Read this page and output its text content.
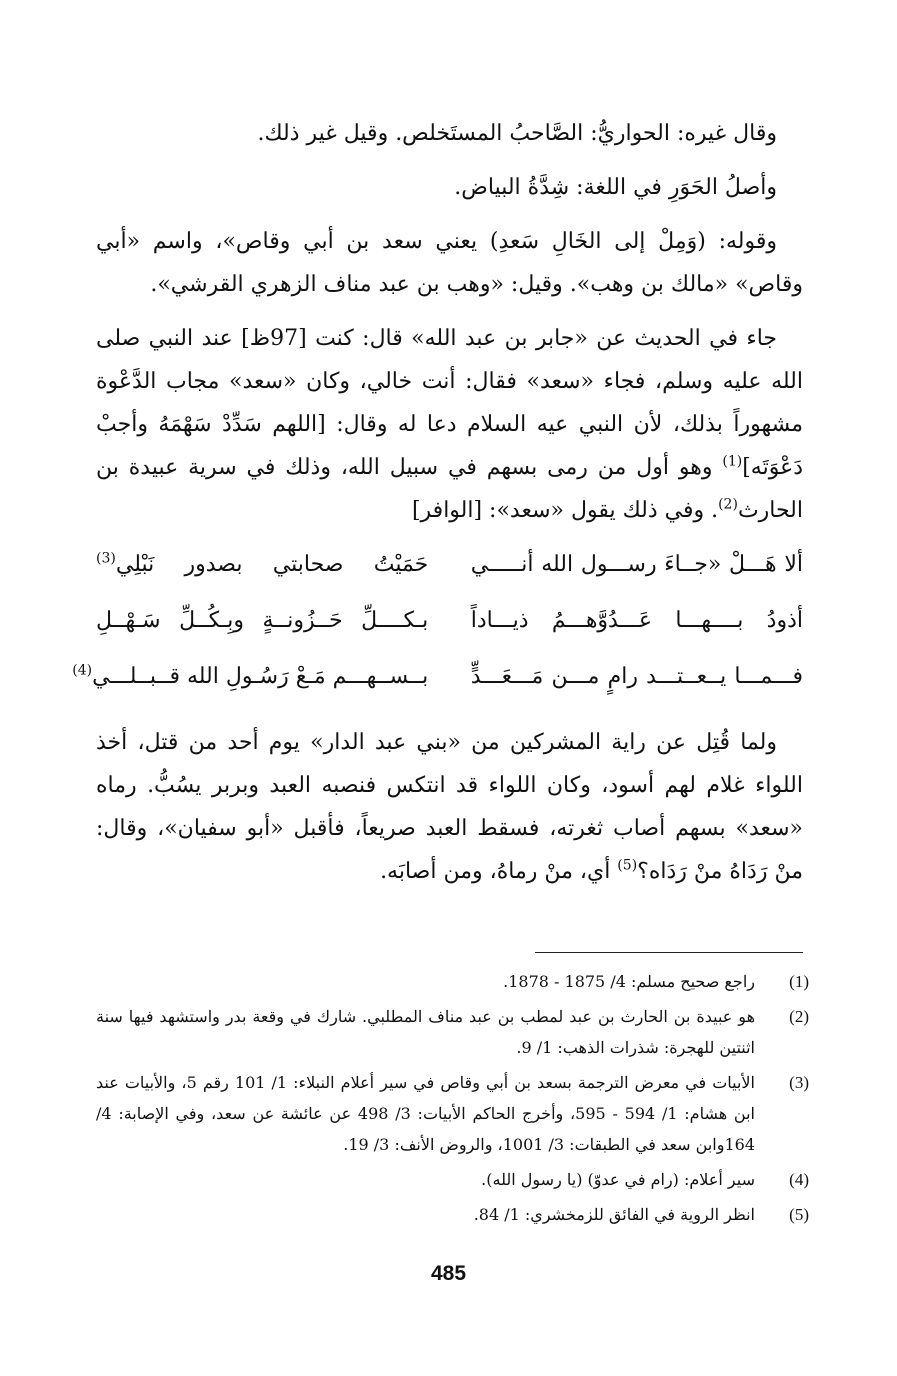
وقال غيره: الحواريُّ: الصَّاحبُ المستَخلص. وقيل غير ذلك.

وأصلُ الحَوَرِ في اللغة: شِدَّةُ البياض.

وقوله: (وَمِلْ إلى الخَالِ سَعدِ) يعني سعد بن أبي وقاص»، واسم «أبي وقاص» «مالك بن وهب». وقيل: «وهب بن عبد مناف الزهري القرشي».

جاء في الحديث عن «جابر بن عبد الله» قال: كنت [97ظ] عند النبي صلى الله عليه وسلم، فجاء «سعد» فقال: أنت خالي، وكان «سعد» مجاب الدَّعْوة مشهوراً بذلك، لأن النبي عيه السلام دعا له وقال: [اللهم سَدِّدْ سَهْمَهُ وأجبْ دَعْوَتَه]$^{(1)}$ وهو أول من رمى بسهم في سبيل الله، وذلك في سرية عبيدة بن الحارث$^{(2)}$. وفي ذلك يقول «سعد»: [الوافر]

ألا هَـــلْ «جــاءَ رســـول الله أنـــــي
حَمَيْتُ صحابتي بصدور نَبْلِي$^{(3)}$
أذودُ بــــهـــا عَـــدُوَّهـــمُ ذيـــاداً
بـكــــلِّ حَــزُونــةٍ وبِـكُــلِّ سَـهْــلِ
فـــمـــا يــعــتـــد رامٍ مـــن مَـــعَـــدٍّ
بــســهـــم مَـعْ رَسُـولِ الله قــبــلـــي$^{(4)}$

ولما قُتِل عن راية المشركين من «بني عبد الدار» يوم أحد من قتل، أخذ اللواء غلام لهم أسود، وكان اللواء قد انتكس فنصبه العبد وبربر يسُبُّ. رماه «سعد» بسهم أصاب ثغرته، فسقط العبد صريعاً، فأقبل «أبو سفيان»، وقال: منْ رَدَاهُ منْ رَدَاه؟$^{(5)}$ أي، منْ رماهُ، ومن أصابَه.

(1)
راجع صحيح مسلم: 4/ 1875 - 1878.
(2)
هو عبيدة بن الحارث بن عبد لمطب بن عبد مناف المطلبي. شارك في وقعة بدر واستشهد فيها سنة اثنتين للهجرة: شذرات الذهب: 1/ 9.
(3)
الأبيات في معرض الترجمة بسعد بن أبي وقاص في سير أعلام النبلاء: 1/ 101 رقم 5، والأبيات عند ابن هشام: 1/ 594 - 595، وأخرج الحاكم الأبيات: 3/ 498 عن عائشة عن سعد، وفي الإصابة: 4/ 164وابن سعد في الطبقات: 3/ 1001، والروض الأنف: 3/ 19.
(4)
سير أعلام: (رام في عدوّ) (يا رسول الله).
(5)
انظر الروية في الفائق للزمخشري: 1/ 84.
485
